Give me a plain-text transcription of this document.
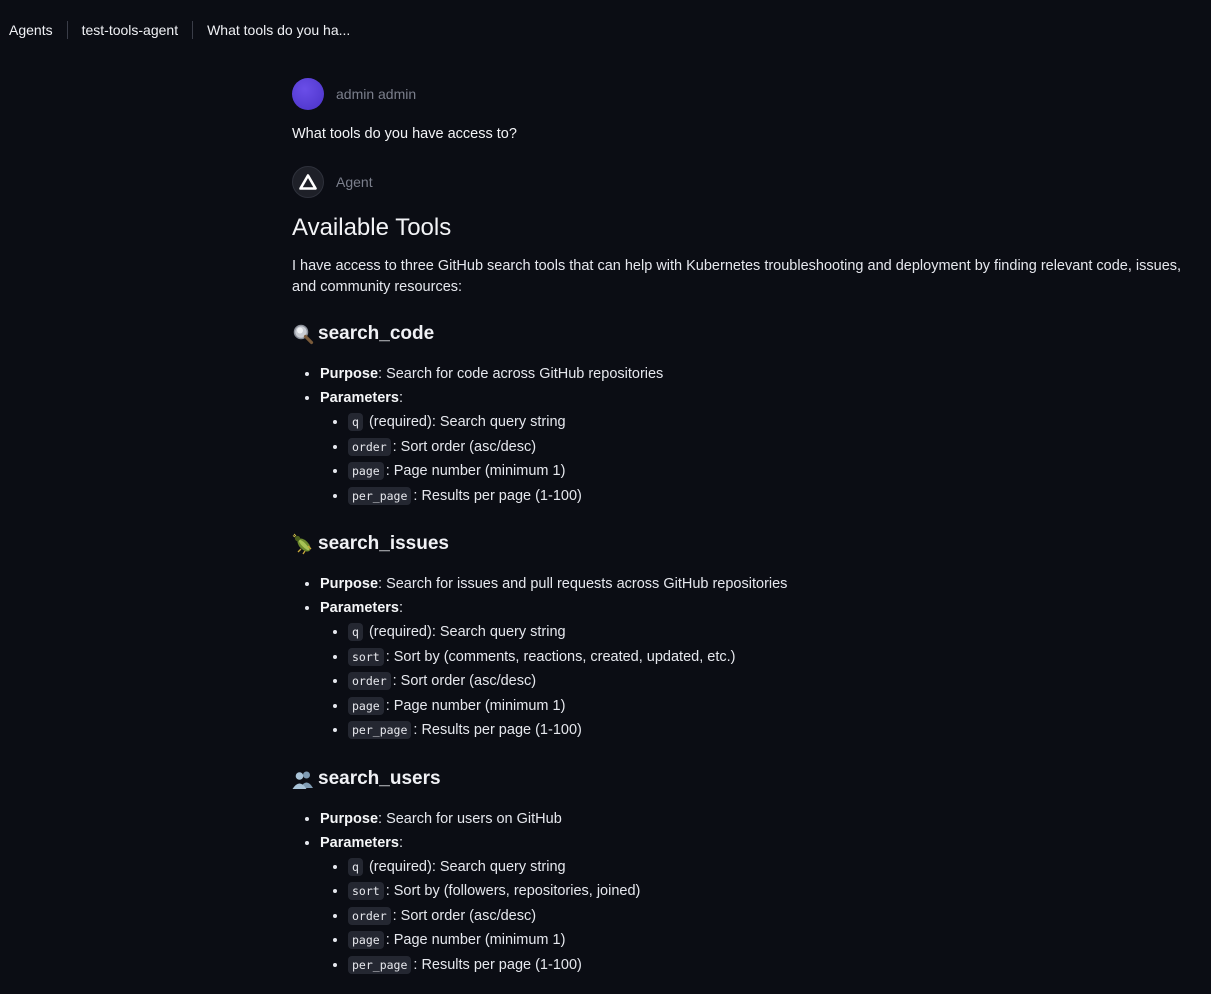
Agents	test-tools-agent	What tools do you ha...
admin admin
What tools do you have access to?
Agent
Available Tools

I have access to three GitHub search tools that can help with Kubernetes troubleshooting and deployment by finding relevant code, issues, and community resources:

search_code
• Purpose: Search for code across GitHub repositories
• Parameters:
• q (required): Search query string
• order : Sort order (asc/desc)
• page : Page number (minimum 1)
• per_page : Results per page (1-100)
search_issues
• Purpose: Search for issues and pull requests across GitHub repositories
• Parameters:
• q (required): Search query string
• sort : Sort by (comments, reactions, created, updated, etc.)
• order : Sort order (asc/desc)
• page : Page number (minimum 1)
• per_page : Results per page (1-100)
search_users
• Purpose: Search for users on GitHub
• Parameters:
• q (required): Search query string
• sort : Sort by (followers, repositories, joined)
• order : Sort order (asc/desc)
• page : Page number (minimum 1)
• per_page : Results per page (1-100)
